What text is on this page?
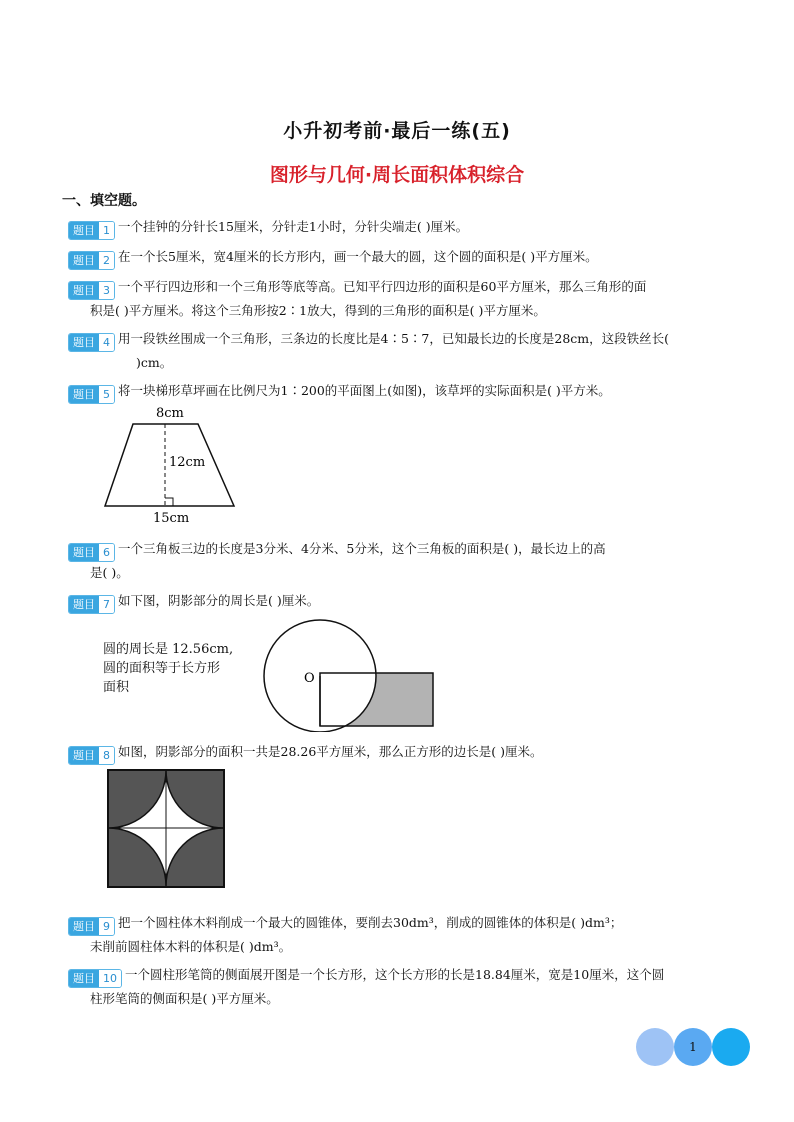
小升初考前·最后一练(五)
图形与几何·周长面积体积综合
一、填空题。
题目 1 一个挂钟的分针长15厘米，分针走1小时，分针尖端走( )厘米。
题目 2 在一个长5厘米，宽4厘米的长方形内，画一个最大的圆，这个圆的面积是( )平方厘米。
题目 3 一个平行四边形和一个三角形等底等高。已知平行四边形的面积是60平方厘米，那么三角形的面
积是( )平方厘米。将这个三角形按2∶1放大，得到的三角形的面积是( )平方厘米。
题目 4 用一段铁丝围成一个三角形，三条边的长度比是4∶5∶7，已知最长边的长度是28cm，这段铁丝长(
)cm。
题目 5 将一块梯形草坪画在比例尺为1∶200的平面图上(如图)，该草坪的实际面积是( )平方米。
8cm
12cm
15cm
题目 6 一个三角板三边的长度是3分米、4分米、5分米，这个三角板的面积是( )，最长边上的高
是( )。
题目 7 如下图，阴影部分的周长是( )厘米。
圆的周长是 12.56cm,
圆的面积等于长方形
面积
O
题目 8 如图，阴影部分的面积一共是28.26平方厘米，那么正方形的边长是( )厘米。
题目 9 把一个圆柱体木料削成一个最大的圆锥体，要削去30dm³，削成的圆锥体的体积是( )dm³；
未削前圆柱体木料的体积是( )dm³。
题目 10 一个圆柱形笔筒的侧面展开图是一个长方形，这个长方形的长是18.84厘米，宽是10厘米，这个圆
柱形笔筒的侧面积是( )平方厘米。
1
